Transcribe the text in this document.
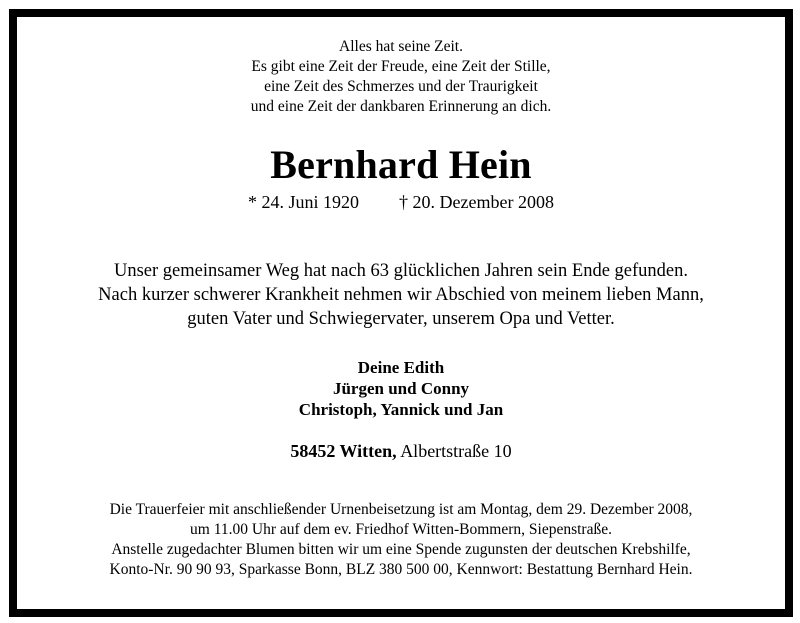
Alles hat seine Zeit.
Es gibt eine Zeit der Freude, eine Zeit der Stille,
eine Zeit des Schmerzes und der Traurigkeit
und eine Zeit der dankbaren Erinnerung an dich.
Bernhard Hein
* 24. Juni 1920 † 20. Dezember 2008
Unser gemeinsamer Weg hat nach 63 glücklichen Jahren sein Ende gefunden.
Nach kurzer schwerer Krankheit nehmen wir Abschied von meinem lieben Mann,
guten Vater und Schwiegervater, unserem Opa und Vetter.
Deine Edith
Jürgen und Conny
Christoph, Yannick und Jan
58452 Witten, Albertstraße 10
Die Trauerfeier mit anschließender Urnenbeisetzung ist am Montag, dem 29. Dezember 2008,
um 11.00 Uhr auf dem ev. Friedhof Witten-Bommern, Siepenstraße.
Anstelle zugedachter Blumen bitten wir um eine Spende zugunsten der deutschen Krebshilfe,
Konto-Nr. 90 90 93, Sparkasse Bonn, BLZ 380 500 00, Kennwort: Bestattung Bernhard Hein.
